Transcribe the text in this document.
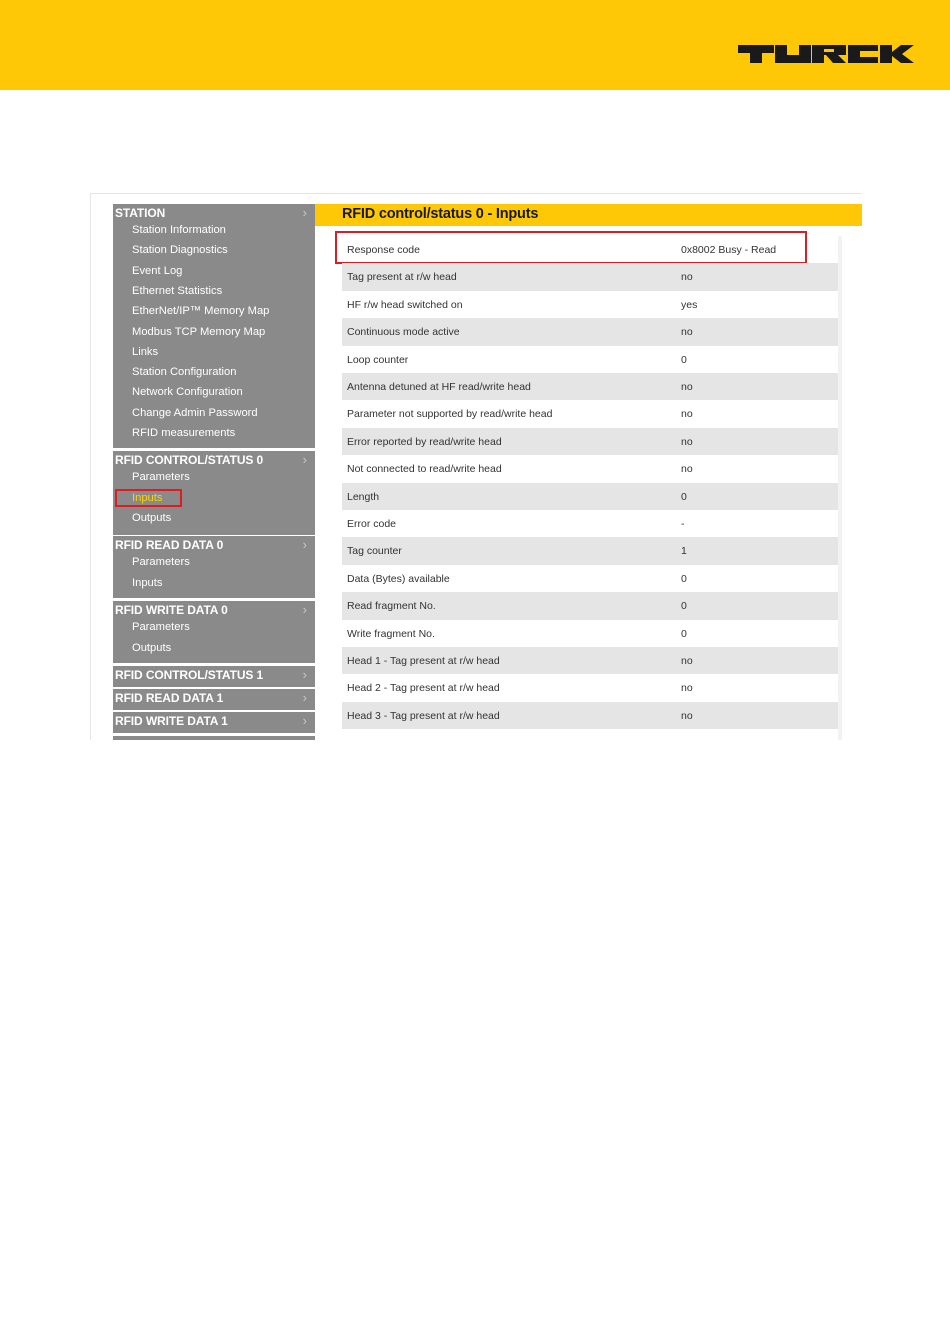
STATION	›
Station Information
Station Diagnostics
Event Log
Ethernet Statistics
EtherNet/IP™ Memory Map
Modbus TCP Memory Map
Links
Station Configuration
Network Configuration
Change Admin Password
RFID measurements
RFID CONTROL/STATUS 0	›
Parameters
Inputs
Outputs
RFID READ DATA 0	›
Parameters
Inputs
RFID WRITE DATA 0	›
Parameters
Outputs
RFID CONTROL/STATUS 1	›
RFID READ DATA 1	›
RFID WRITE DATA 1	›
RFID control/status 0 - Inputs
Response code	0x8002 Busy - Read
Tag present at r/w head	no
HF r/w head switched on	yes
Continuous mode active	no
Loop counter	0
Antenna detuned at HF read/write head	no
Parameter not supported by read/write head	no
Error reported by read/write head	no
Not connected to read/write head	no
Length	0
Error code	-
Tag counter	1
Data (Bytes) available	0
Read fragment No.	0
Write fragment No.	0
Head 1 - Tag present at r/w head	no
Head 2 - Tag present at r/w head	no
Head 3 - Tag present at r/w head	no
